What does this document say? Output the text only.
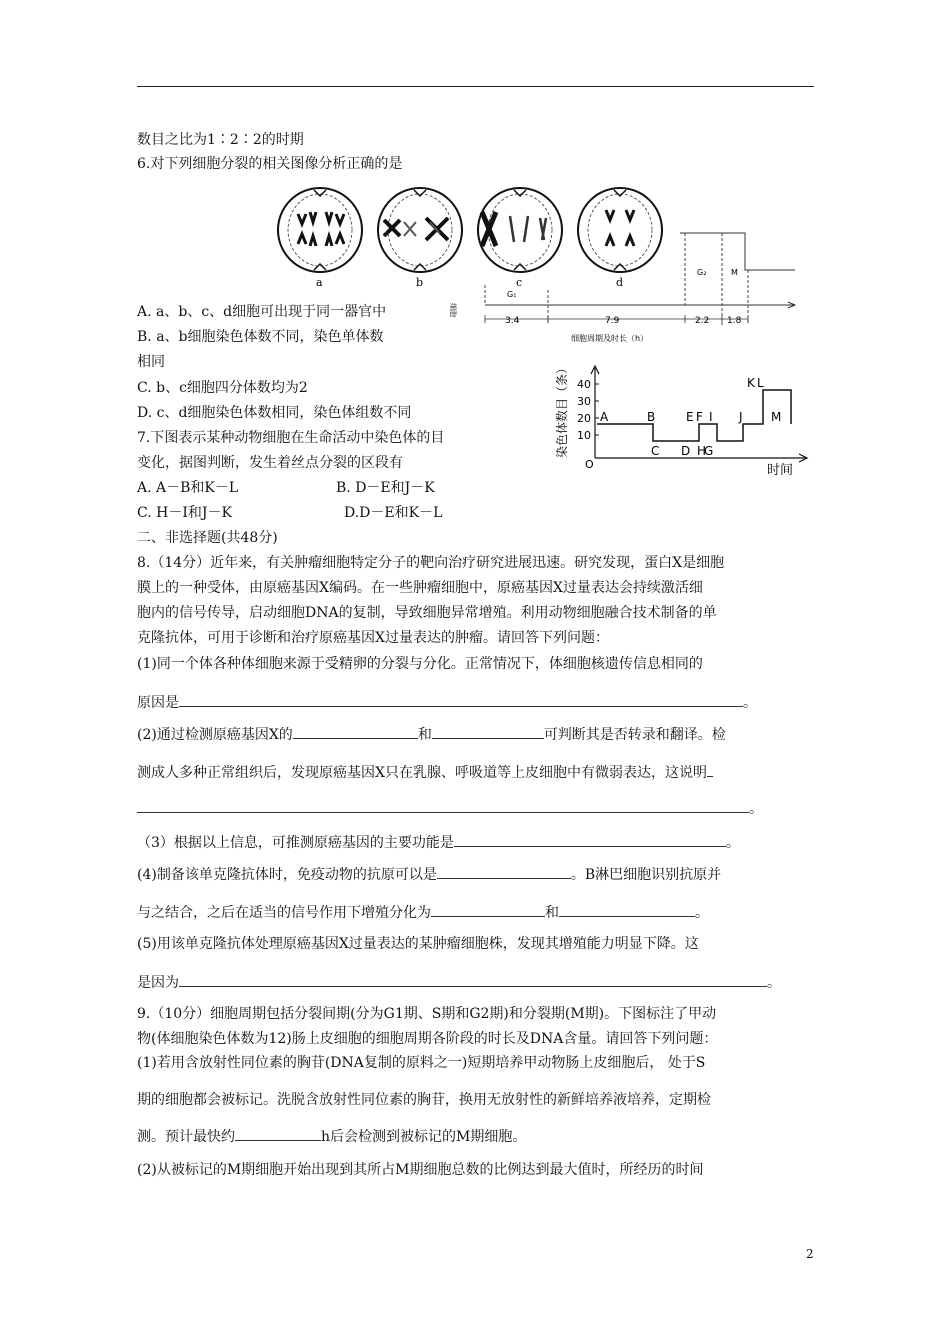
数目之比为1∶2∶2的时期
6.对下列细胞分裂的相关图像分析正确的是
a	b	c	d
G₁
G₂	M
细胞
3.4	7.9	2.2 1.8
细胞周期及时长（h）
A. a、b、c、d细胞可出现于同一器官中
B. a、b细胞染色体数不同，染色单体数
相同
C. b、c细胞四分体数均为2
D. c、d细胞染色体数相同，染色体组数不同
7.下图表示某种动物细胞在生命活动中染色体的目
变化，据图判断，发生着丝点分裂的区段有
A. A－B和K－L	B. D－E和J－K
C. H－I和J－K	D.D－E和K－L
染色体数目（条） 40
30
20
10
O	时间
A	B
C D
E F
G
H
I J
K L
M
二、非选择题(共48分)
8.（14分）近年来，有关肿瘤细胞特定分子的靶向治疗研究进展迅速。研究发现，蛋白X是细胞
膜上的一种受体，由原癌基因X编码。在一些肿瘤细胞中，原癌基因X过量表达会持续激活细
胞内的信号传导，启动细胞DNA的复制，导致细胞异常增殖。利用动物细胞融合技术制备的单
克隆抗体，可用于诊断和治疗原癌基因X过量表达的肿瘤。请回答下列问题：
(1)同一个体各种体细胞来源于受精卵的分裂与分化。正常情况下，体细胞核遗传信息相同的
原因是	。
(2)通过检测原癌基因X的	和	可判断其是否转录和翻译。检
测成人多种正常组织后，发现原癌基因X只在乳腺、呼吸道等上皮细胞中有微弱表达，这说明
。
（3）根据以上信息，可推测原癌基因的主要功能是	。
(4)制备该单克隆抗体时，免疫动物的抗原可以是	。B淋巴细胞识别抗原并
与之结合，之后在适当的信号作用下增殖分化为	和	。
(5)用该单克隆抗体处理原癌基因X过量表达的某肿瘤细胞株，发现其增殖能力明显下降。这
是因为	。
9.（10分）细胞周期包括分裂间期(分为G1期、S期和G2期)和分裂期(M期)。下图标注了甲动
物(体细胞染色体数为12)肠上皮细胞的细胞周期各阶段的时长及DNA含量。请回答下列问题：
(1)若用含放射性同位素的胸苷(DNA复制的原料之一)短期培养甲动物肠上皮细胞后， 处于S
期的细胞都会被标记。洗脱含放射性同位素的胸苷，换用无放射性的新鲜培养液培养，定期检
测。预计最快约	h后会检测到被标记的M期细胞。
(2)从被标记的M期细胞开始出现到其所占M期细胞总数的比例达到最大值时，所经历的时间
2
